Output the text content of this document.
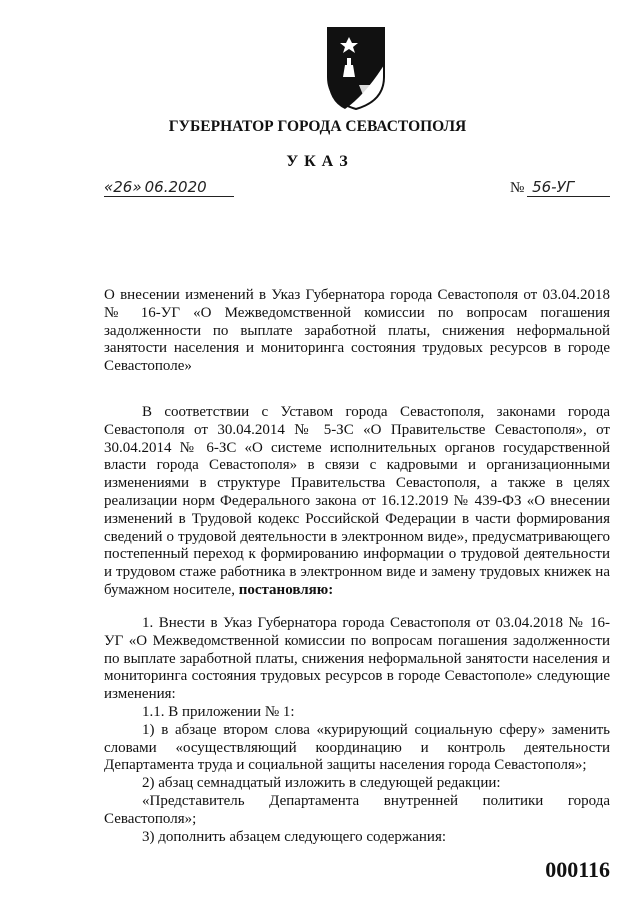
ГУБЕРНАТОР ГОРОДА СЕВАСТОПОЛЯ
У К А З
«26» 06.2020	№ 56-УГ

О внесении изменений в Указ Губернатора города Севастополя от 03.04.2018 № 16-УГ «О Межведомственной комиссии по вопросам погашения задолженности по выплате заработной платы, снижения неформальной занятости населения и мониторинга состояния трудовых ресурсов в городе Севастополе»

В соответствии с Уставом города Севастополя, законами города Севастополя от 30.04.2014 № 5-ЗС «О Правительстве Севастополя», от 30.04.2014 № 6-ЗС «О системе исполнительных органов государственной власти города Севастополя» в связи с кадровыми и организационными изменениями в структуре Правительства Севастополя, а также в целях реализации норм Федерального закона от 16.12.2019 № 439-ФЗ «О внесении изменений в Трудовой кодекс Российской Федерации в части формирования сведений о трудовой деятельности в электронном виде», предусматривающего постепенный переход к формированию информации о трудовой деятельности и трудовом стаже работника в электронном виде и замену трудовых книжек на бумажном носителе, постановляю:

1. Внести в Указ Губернатора города Севастополя от 03.04.2018 № 16-УГ «О Межведомственной комиссии по вопросам погашения задолженности по выплате заработной платы, снижения неформальной занятости населения и мониторинга состояния трудовых ресурсов в городе Севастополе» следующие изменения:

1.1. В приложении № 1:

1) в абзаце втором слова «курирующий социальную сферу» заменить словами «осуществляющий координацию и контроль деятельности Департамента труда и социальной защиты населения города Севастополя»;

2) абзац семнадцатый изложить в следующей редакции:

«Представитель Департамента внутренней политики города Севастополя»;

3) дополнить абзацем следующего содержания:

000116
